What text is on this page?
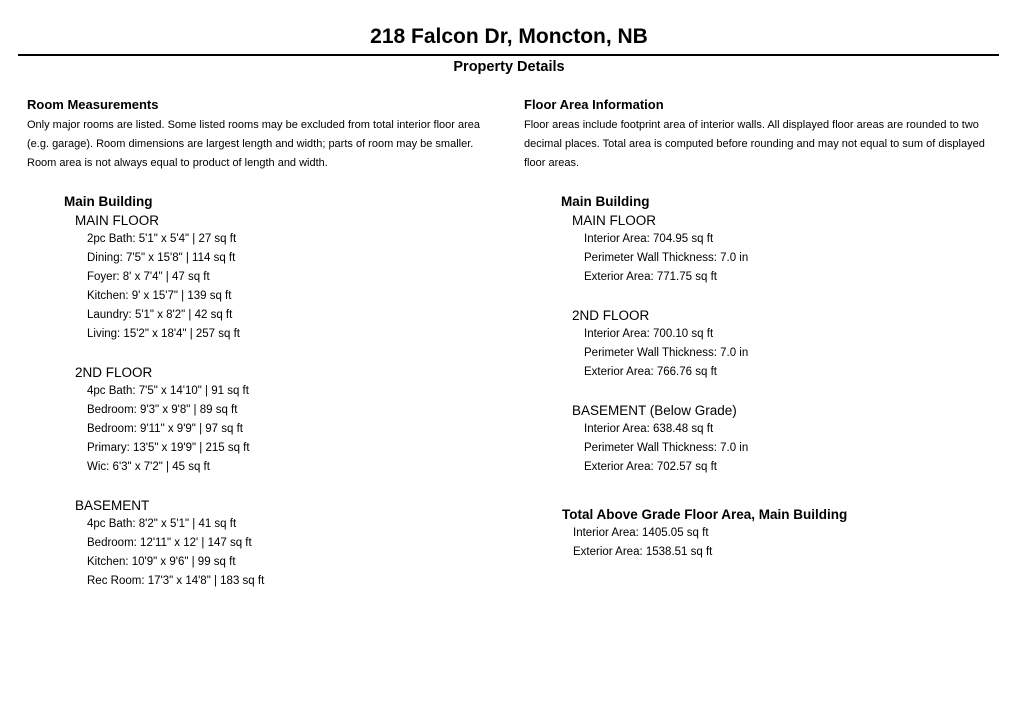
218 Falcon Dr, Moncton, NB
Property Details
Room Measurements
Only major rooms are listed. Some listed rooms may be excluded from total interior floor area (e.g. garage). Room dimensions are largest length and width; parts of room may be smaller. Room area is not always equal to product of length and width.
Main Building
MAIN FLOOR
2pc Bath: 5'1" x 5'4" | 27 sq ft
Dining: 7'5" x 15'8" | 114 sq ft
Foyer: 8' x 7'4" | 47 sq ft
Kitchen: 9' x 15'7" | 139 sq ft
Laundry: 5'1" x 8'2" | 42 sq ft
Living: 15'2" x 18'4" | 257 sq ft
2ND FLOOR
4pc Bath: 7'5" x 14'10" | 91 sq ft
Bedroom: 9'3" x 9'8" | 89 sq ft
Bedroom: 9'11" x 9'9" | 97 sq ft
Primary: 13'5" x 19'9" | 215 sq ft
Wic: 6'3" x 7'2" | 45 sq ft
BASEMENT
4pc Bath: 8'2" x 5'1" | 41 sq ft
Bedroom: 12'11" x 12' | 147 sq ft
Kitchen: 10'9" x 9'6" | 99 sq ft
Rec Room: 17'3" x 14'8" | 183 sq ft
Floor Area Information
Floor areas include footprint area of interior walls. All displayed floor areas are rounded to two decimal places. Total area is computed before rounding and may not equal to sum of displayed floor areas.
Main Building
MAIN FLOOR
Interior Area: 704.95 sq ft
Perimeter Wall Thickness: 7.0 in
Exterior Area: 771.75 sq ft
2ND FLOOR
Interior Area: 700.10 sq ft
Perimeter Wall Thickness: 7.0 in
Exterior Area: 766.76 sq ft
BASEMENT (Below Grade)
Interior Area: 638.48 sq ft
Perimeter Wall Thickness: 7.0 in
Exterior Area: 702.57 sq ft
Total Above Grade Floor Area, Main Building
Interior Area: 1405.05 sq ft
Exterior Area: 1538.51 sq ft
